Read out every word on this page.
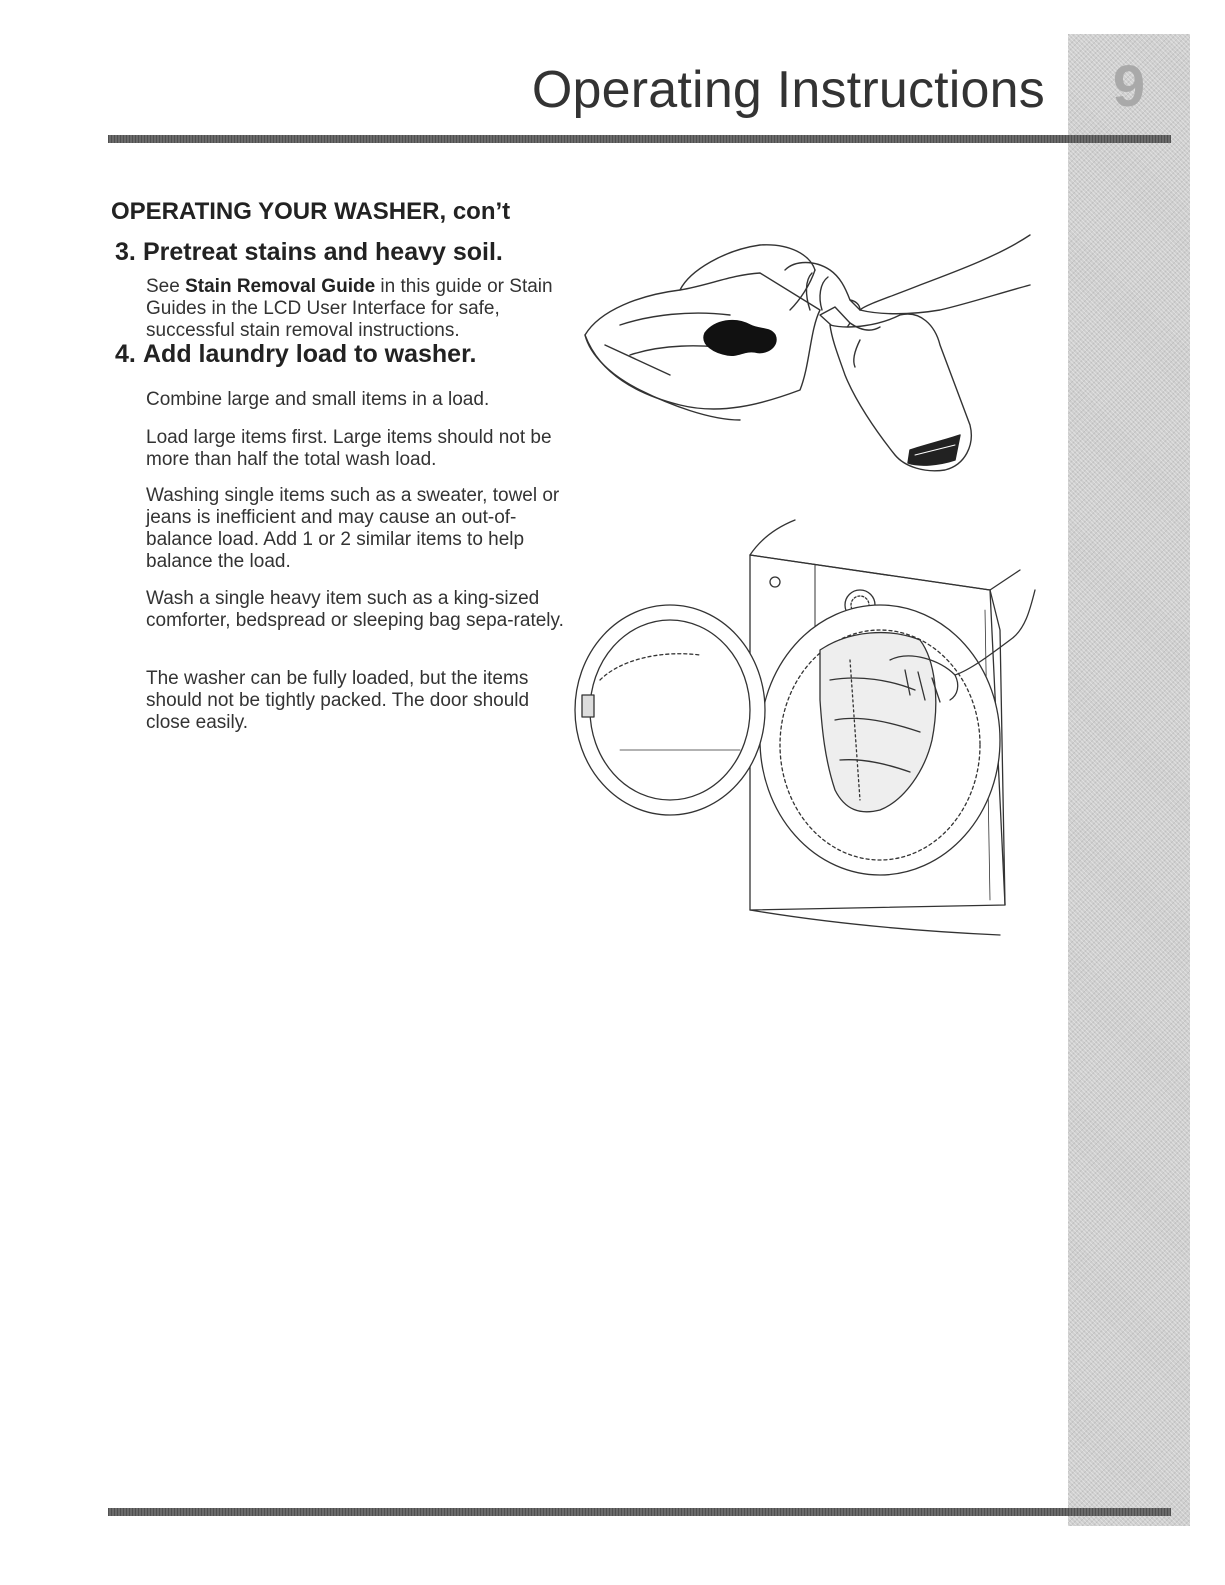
9
Operating Instructions
OPERATING YOUR WASHER, con’t
3. Pretreat stains and heavy soil.

See Stain Removal Guide in this guide or Stain Guides in the LCD User Interface for safe, successful stain removal instructions.

4. Add laundry load to washer.

Combine large and small items in a load.

Load large items first. Large items should not be more than half the total wash load.

Washing single items such as a sweater, towel or jeans is inefficient and may cause an out-of-balance load. Add 1 or 2 similar items to help balance the load.

Wash a single heavy item such as a king-sized comforter, bedspread or sleeping bag sepa-rately.

The washer can be fully loaded, but the items should not be tightly packed. The door should close easily.
